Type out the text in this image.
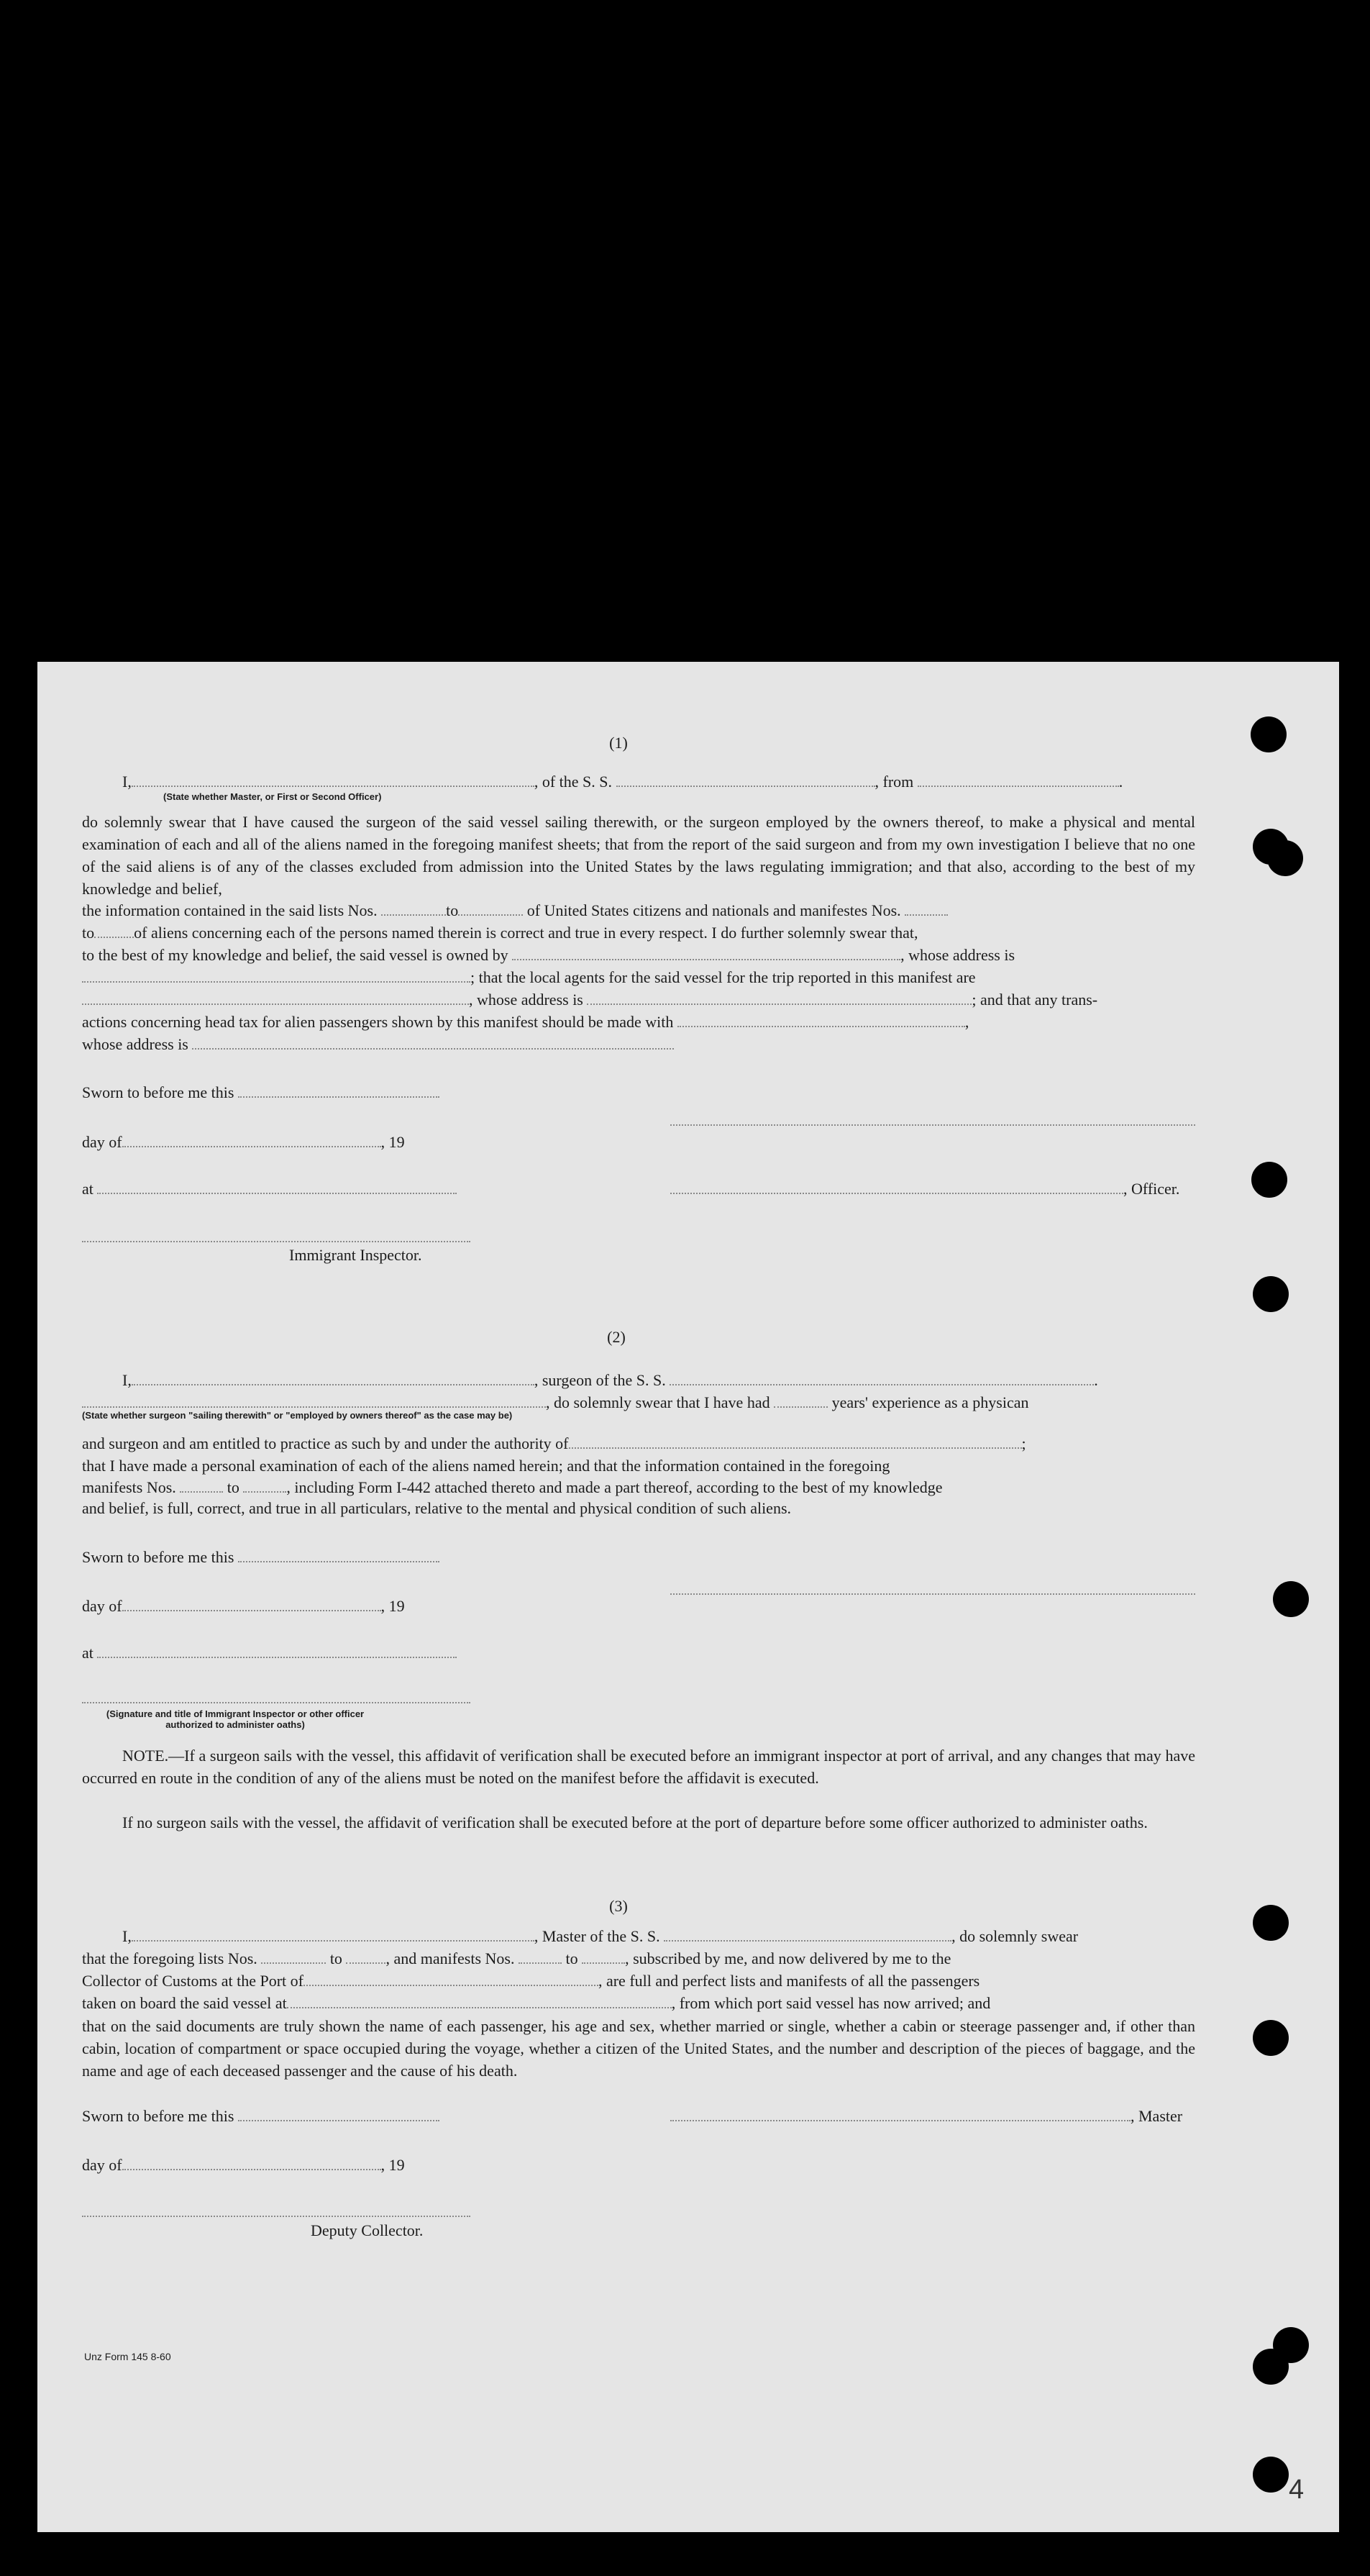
(1)
I,	, of the S. S.	, from	.
(State whether Master, or First or Second Officer)
do solemnly swear that I have caused the surgeon of the said vessel sailing therewith, or the surgeon employed by the owners thereof, to make a physical and mental examination of each and all of the aliens named in the foregoing manifest sheets; that from the report of the said surgeon and from my own investigation I believe that no one of the said aliens is of any of the classes excluded from admission into the United States by the laws regulating immigration; and that also, according to the best of my knowledge and belief,
the information contained in the said lists Nos.	to	of United States citizens and nationals and manifestes Nos.
to	of aliens concerning each of the persons named therein is correct and true in every respect. I do further solemnly swear that,
to the best of my knowledge and belief, the said vessel is owned by	, whose address is
; that the local agents for the said vessel for the trip reported in this manifest are
, whose address is	; and that any trans-
actions concerning head tax for alien passengers shown by this manifest should be made with	,
whose address is
Sworn to before me this
day of	, 19
at	, Officer.
Immigrant Inspector.
(2)
I,	, surgeon of the S. S.	.
, do solemnly swear that I have had	years' experience as a physican
(State whether surgeon "sailing therewith" or "employed by owners thereof" as the case may be)
and surgeon and am entitled to practice as such by and under the authority of	;
that I have made a personal examination of each of the aliens named herein; and that the information contained in the foregoing
manifests Nos.	to	, including Form I-442 attached thereto and made a part thereof, according to the best of my knowledge
and belief, is full, correct, and true in all particulars, relative to the mental and physical condition of such aliens.
Sworn to before me this
day of	, 19
at
(Signature and title of Immigrant Inspector or other officer authorized to administer oaths)
NOTE.—If a surgeon sails with the vessel, this affidavit of verification shall be executed before an immigrant inspector at port of arrival, and any changes that may have occurred en route in the condition of any of the aliens must be noted on the manifest before the affidavit is executed.
If no surgeon sails with the vessel, the affidavit of verification shall be executed before at the port of departure before some officer authorized to administer oaths.
(3)
I,	, Master of the S. S.	, do solemnly swear
that the foregoing lists Nos.	to	, and manifests Nos.	to	, subscribed by me, and now delivered by me to the
Collector of Customs at the Port of	, are full and perfect lists and manifests of all the passengers
taken on board the said vessel at	, from which port said vessel has now arrived; and
that on the said documents are truly shown the name of each passenger, his age and sex, whether married or single, whether a cabin or steerage passenger and, if other than cabin, location of compartment or space occupied during the voyage, whether a citizen of the United States, and the number and description of the pieces of baggage, and the name and age of each deceased passenger and the cause of his death.
Sworn to before me this	, Master
day of	, 19
Deputy Collector.
Unz Form 145 8-60
4
